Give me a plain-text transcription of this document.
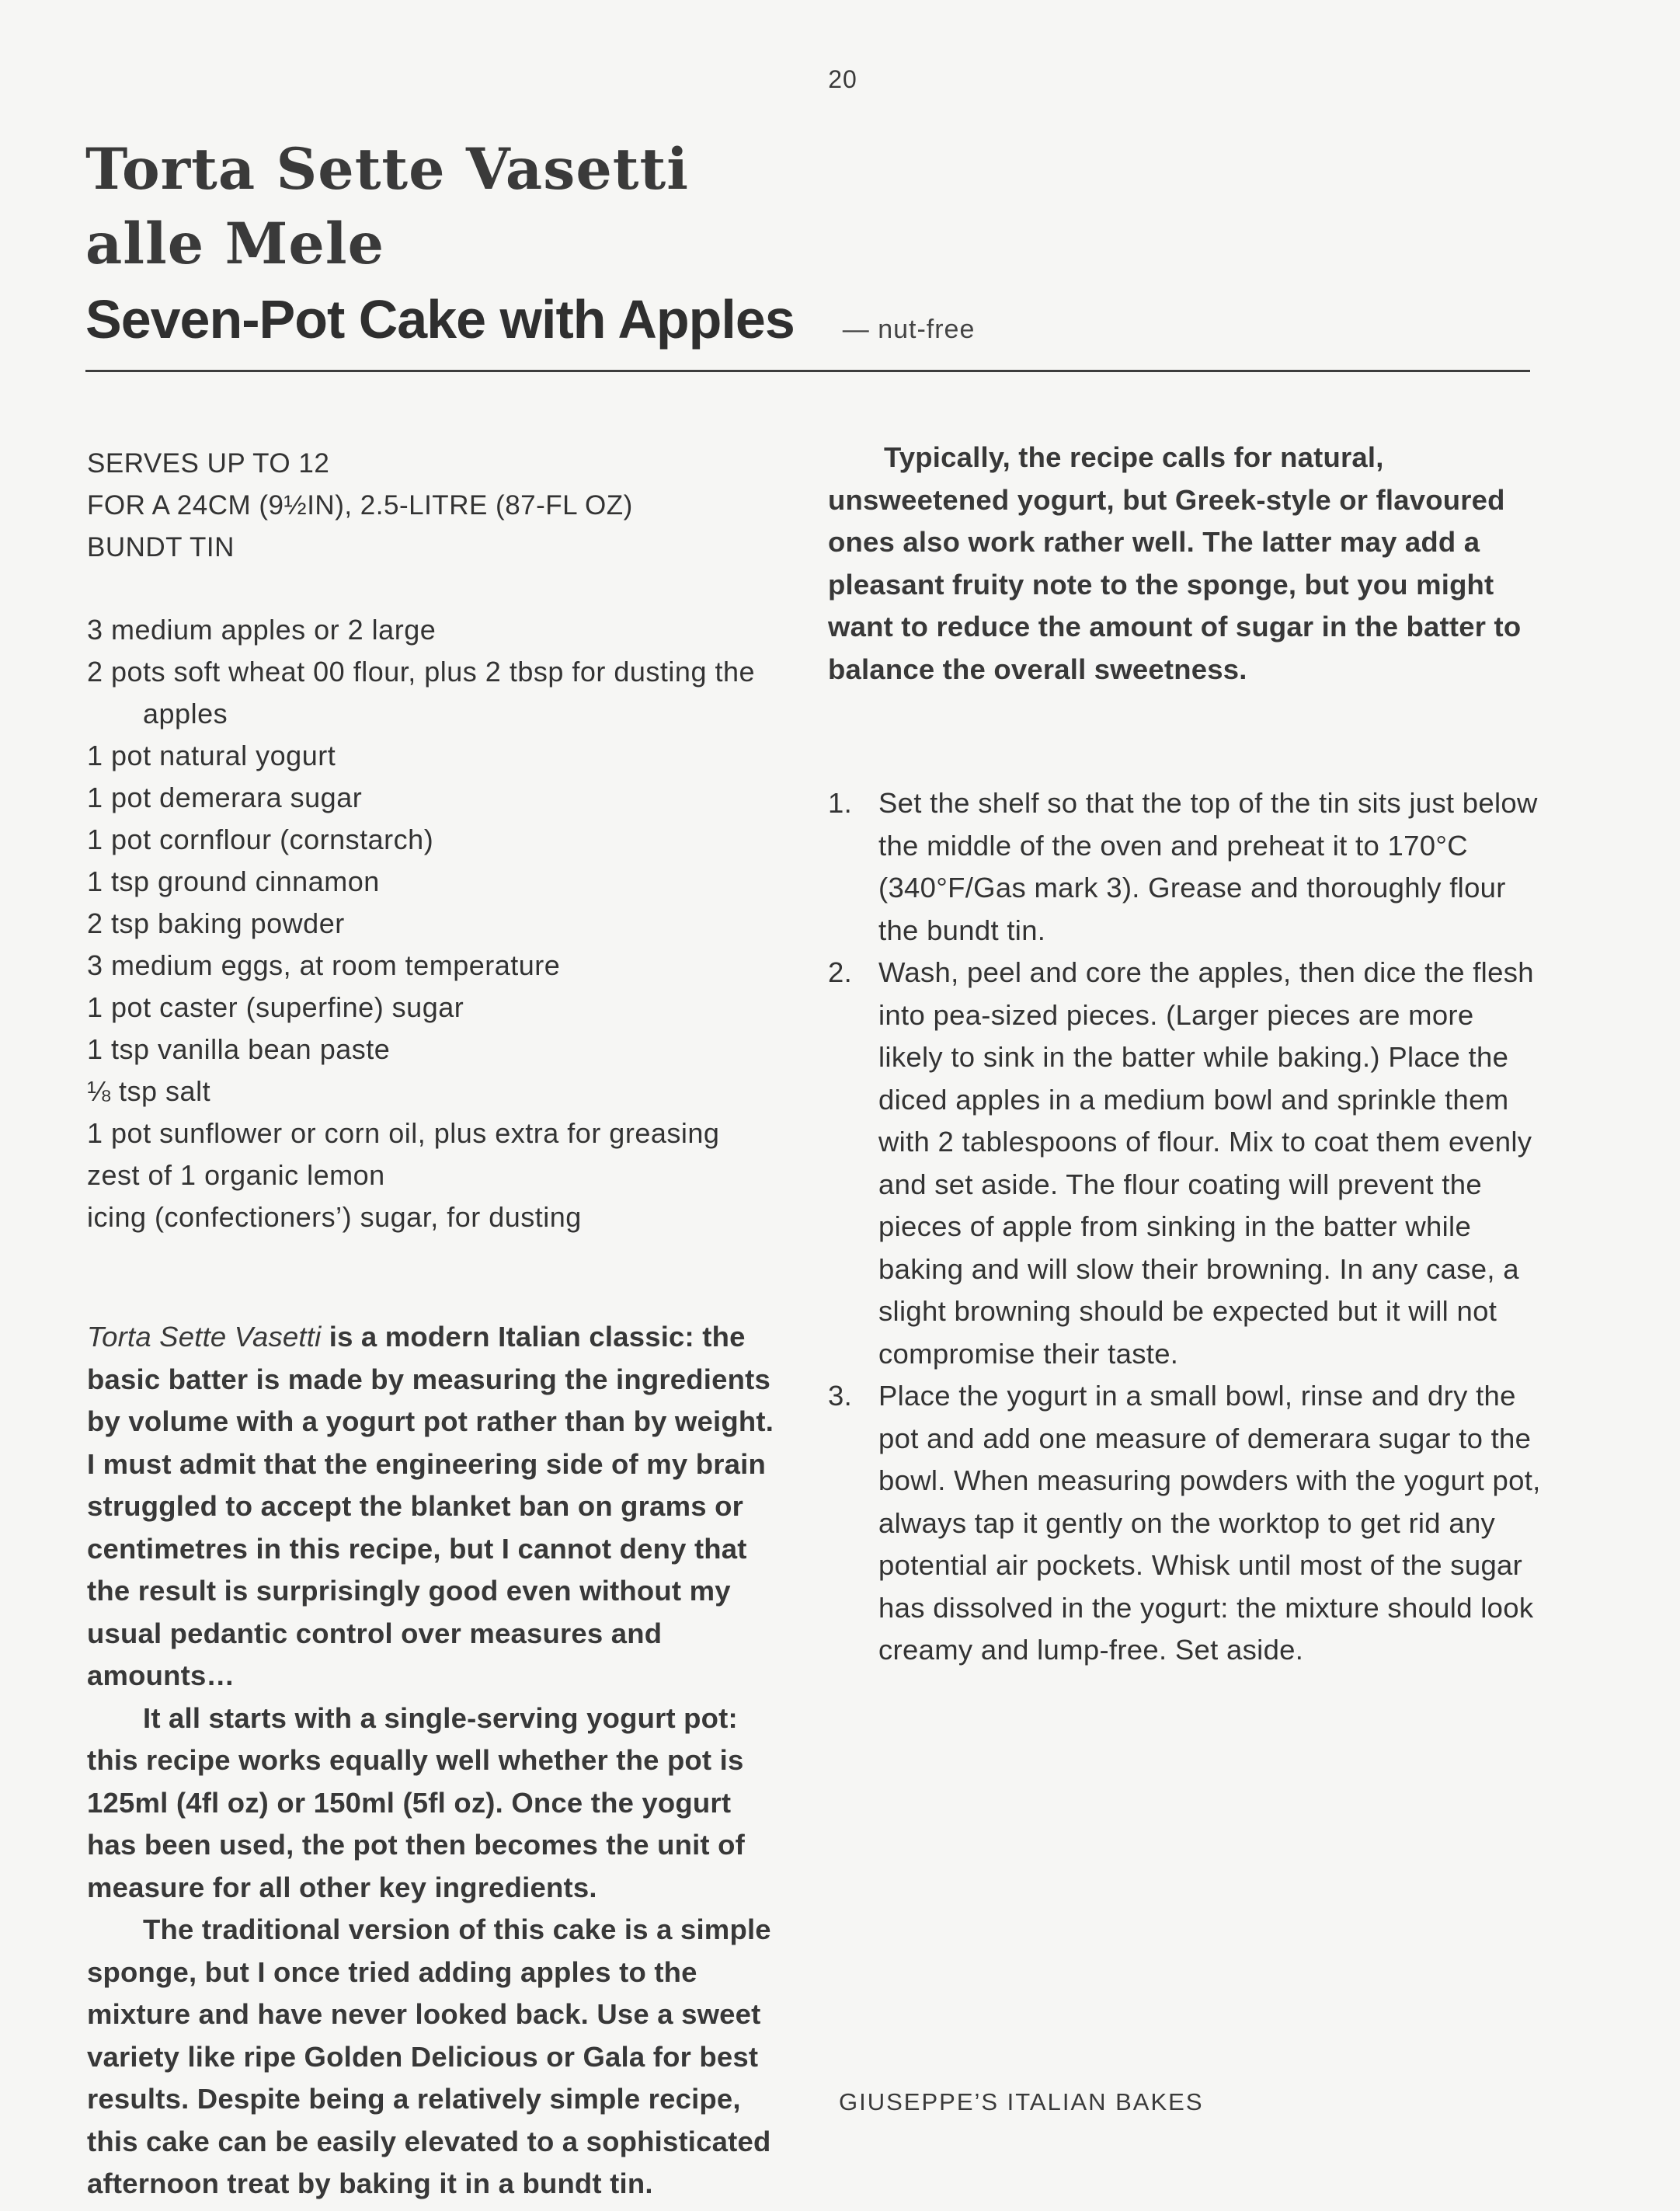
20
Torta Sette Vasetti
alle Mele
Seven-Pot Cake with Apples — nut-free
SERVES UP TO 12
FOR A 24CM (9½IN), 2.5-LITRE (87-FL OZ)
BUNDT TIN
3 medium apples or 2 large
2 pots soft wheat 00 flour, plus 2 tbsp for dusting the apples
1 pot natural yogurt
1 pot demerara sugar
1 pot cornflour (cornstarch)
1 tsp ground cinnamon
2 tsp baking powder
3 medium eggs, at room temperature
1 pot caster (superfine) sugar
1 tsp vanilla bean paste
⅛ tsp salt
1 pot sunflower or corn oil, plus extra for greasing
zest of 1 organic lemon
icing (confectioners’) sugar, for dusting

Torta Sette Vasetti is a modern Italian classic: the basic batter is made by measuring the ingredients by volume with a yogurt pot rather than by weight. I must admit that the engineering side of my brain struggled to accept the blanket ban on grams or centimetres in this recipe, but I cannot deny that the result is surprisingly good even without my usual pedantic control over measures and amounts…

It all starts with a single-serving yogurt pot: this recipe works equally well whether the pot is 125ml (4fl oz) or 150ml (5fl oz). Once the yogurt has been used, the pot then becomes the unit of measure for all other key ingredients.

The traditional version of this cake is a simple sponge, but I once tried adding apples to the mixture and have never looked back. Use a sweet variety like ripe Golden Delicious or Gala for best results. Despite being a relatively simple recipe, this cake can be easily elevated to a sophisticated afternoon treat by baking it in a bundt tin.

Typically, the recipe calls for natural, unsweetened yogurt, but Greek-style or flavoured ones also work rather well. The latter may add a pleasant fruity note to the sponge, but you might want to reduce the amount of sugar in the batter to balance the overall sweetness.

1. Set the shelf so that the top of the tin sits just below the middle of the oven and preheat it to 170°C (340°F/Gas mark 3). Grease and thoroughly flour the bundt tin.
2. Wash, peel and core the apples, then dice the flesh into pea-sized pieces. (Larger pieces are more likely to sink in the batter while baking.) Place the diced apples in a medium bowl and sprinkle them with 2 tablespoons of flour. Mix to coat them evenly and set aside. The flour coating will prevent the pieces of apple from sinking in the batter while baking and will slow their browning. In any case, a slight browning should be expected but it will not compromise their taste.
3. Place the yogurt in a small bowl, rinse and dry the pot and add one measure of demerara sugar to the bowl. When measuring powders with the yogurt pot, always tap it gently on the worktop to get rid any potential air pockets. Whisk until most of the sugar has dissolved in the yogurt: the mixture should look creamy and lump-free. Set aside.
GIUSEPPE’S ITALIAN BAKES
